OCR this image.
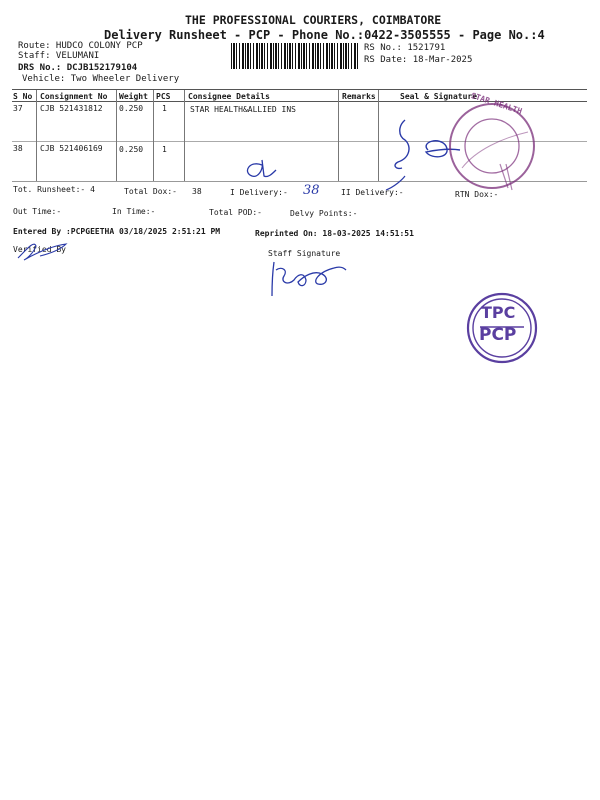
THE PROFESSIONAL COURIERS, COIMBATORE
Delivery Runsheet - PCP - Phone No.:0422-3505555 - Page No.:4
Route: HUDCO COLONY PCP
Staff: VELUMANI
DRS No.: DCJB152179104
Vehicle: Two Wheeler Delivery
RS No.: 1521791
RS Date: 18-Mar-2025
S No Consignment No Weight PCS Consignee Details	Remarks	Seal & Signature
37 CJB 521431812 0.250 1	STAR HEALTH&ALLIED INS
38 CJB 521406169 0.250 1
Tot. Runsheet:- 4	Total Dox:- 38	I Delivery:- 38	II Delivery:-	RTN Dox:-
Out Time:-	In Time:-	Total POD:-	Delvy Points:-
Entered By :PCPGEETHA 03/18/2025 2:51:21 PM	Reprinted On: 18-03-2025 14:51:51
Verified By	Staff Signature
STAR HEALTH
TPC
PCP
